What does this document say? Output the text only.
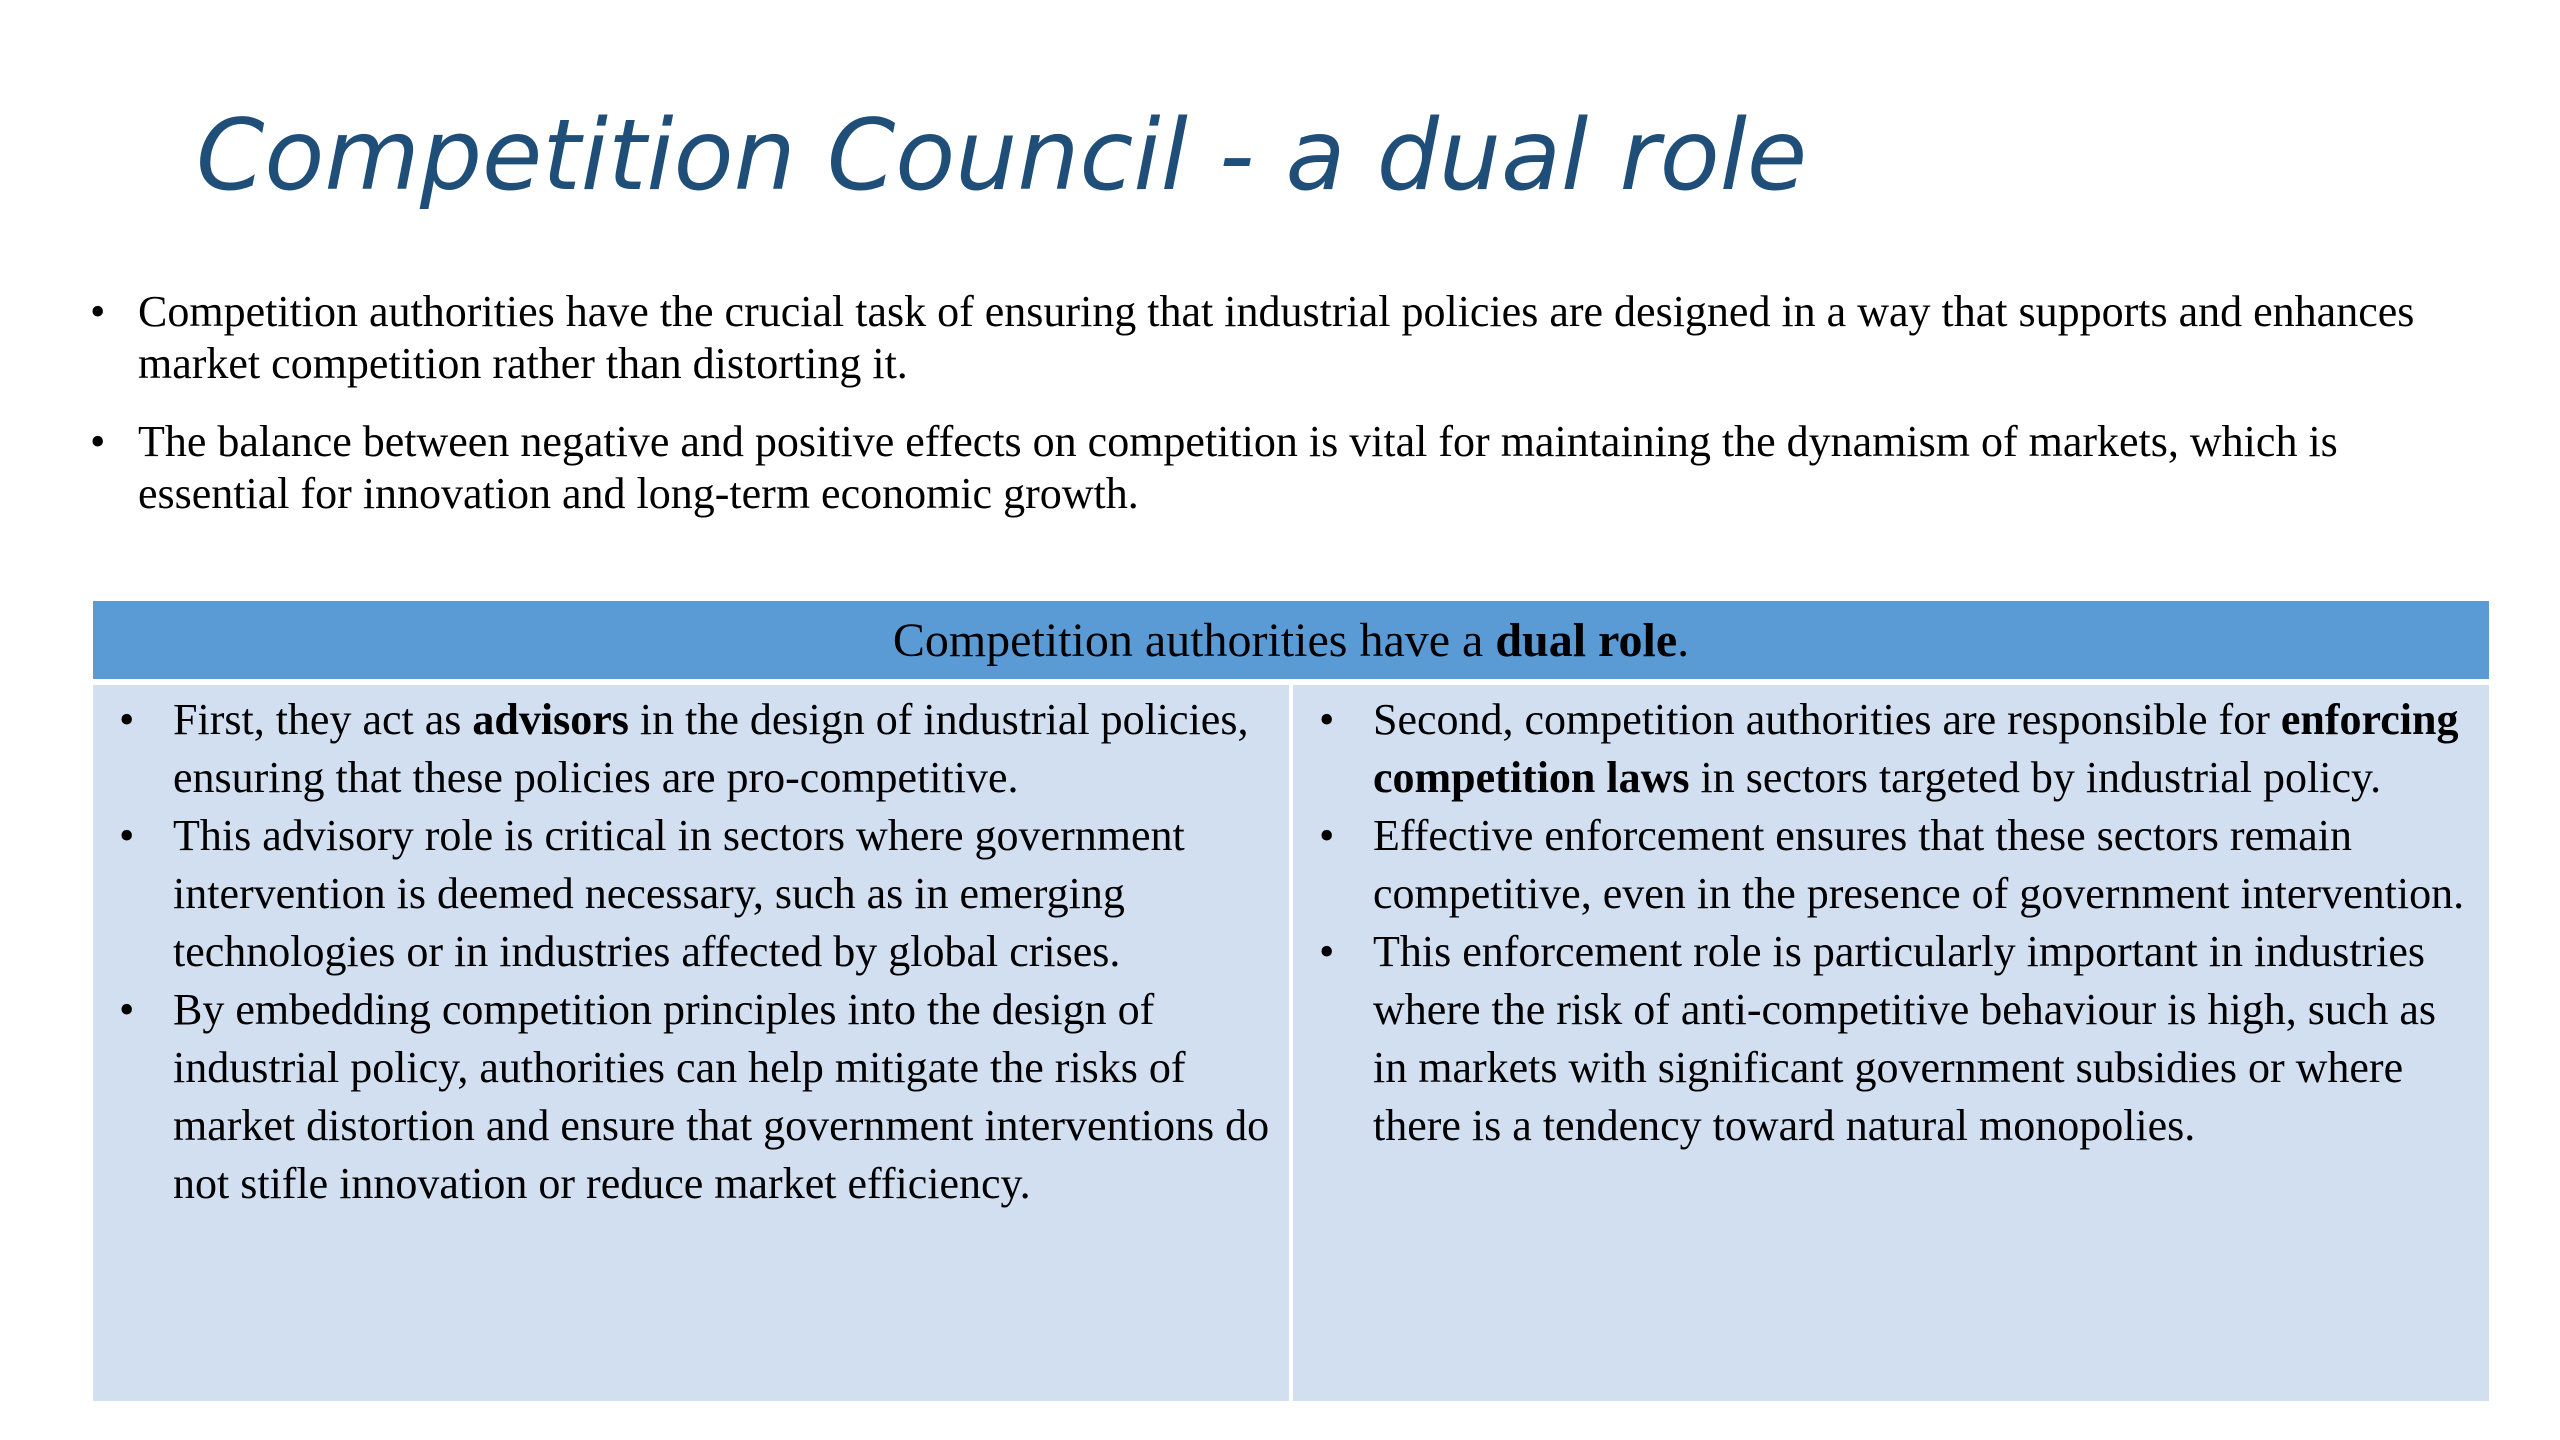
Competition Council - a dual role
• Competition authorities have the crucial task of ensuring that industrial policies are designed in a way that supports and enhances market competition rather than distorting it.
• The balance between negative and positive effects on competition is vital for maintaining the dynamism of markets, which is essential for innovation and long-term economic growth.
Competition authorities have a dual role.

• First, they act as advisors in the design of industrial policies, ensuring that these policies are pro-competitive.
• This advisory role is critical in sectors where government intervention is deemed necessary, such as in emerging technologies or in industries affected by global crises.
• By embedding competition principles into the design of industrial policy, authorities can help mitigate the risks of market distortion and ensure that government interventions do not stifle innovation or reduce market efficiency.

• Second, competition authorities are responsible for enforcing competition laws in sectors targeted by industrial policy.
• Effective enforcement ensures that these sectors remain competitive, even in the presence of government intervention.
• This enforcement role is particularly important in industries where the risk of anti-competitive behaviour is high, such as in markets with significant government subsidies or where there is a tendency toward natural monopolies.
